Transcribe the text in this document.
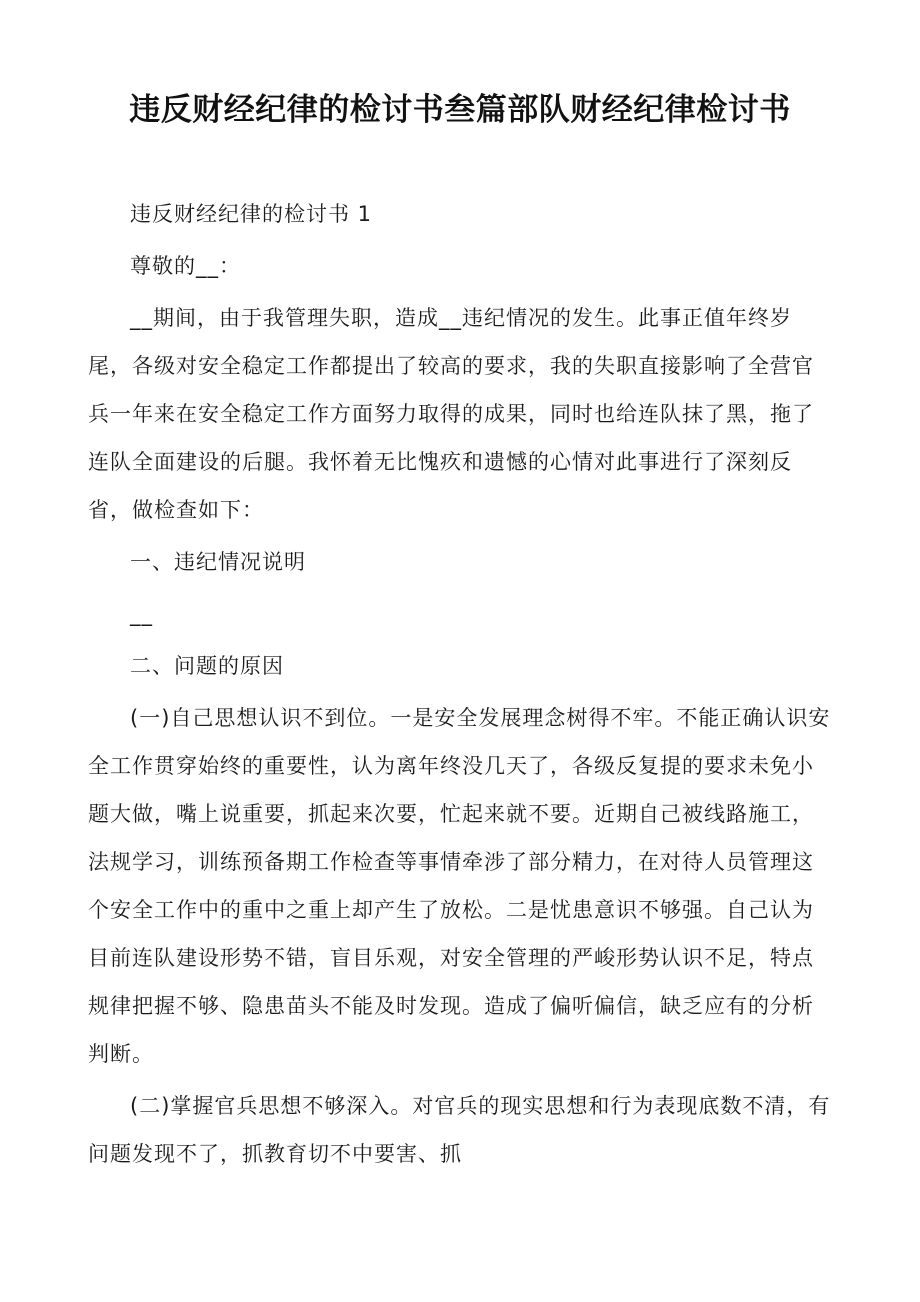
违反财经纪律的检讨书叁篇部队财经纪律检讨书

违反财经纪律的检讨书 1

尊敬的__：

__期间，由于我管理失职，造成__违纪情况的发生。此事正值年终岁尾，各级对安全稳定工作都提出了较高的要求，我的失职直接影响了全营官兵一年来在安全稳定工作方面努力取得的成果，同时也给连队抹了黑，拖了连队全面建设的后腿。我怀着无比愧疚和遗憾的心情对此事进行了深刻反省，做检查如下：

一、违纪情况说明

__

二、问题的原因

(一)自己思想认识不到位。一是安全发展理念树得不牢。不能正确认识安全工作贯穿始终的重要性，认为离年终没几天了，各级反复提的要求未免小题大做，嘴上说重要，抓起来次要，忙起来就不要。近期自己被线路施工，法规学习，训练预备期工作检查等事情牵涉了部分精力，在对待人员管理这个安全工作中的重中之重上却产生了放松。二是忧患意识不够强。自己认为目前连队建设形势不错，盲目乐观，对安全管理的严峻形势认识不足，特点规律把握不够、隐患苗头不能及时发现。造成了偏听偏信，缺乏应有的分析判断。

(二)掌握官兵思想不够深入。对官兵的现实思想和行为表现底数不清，有问题发现不了，抓教育切不中要害、抓
